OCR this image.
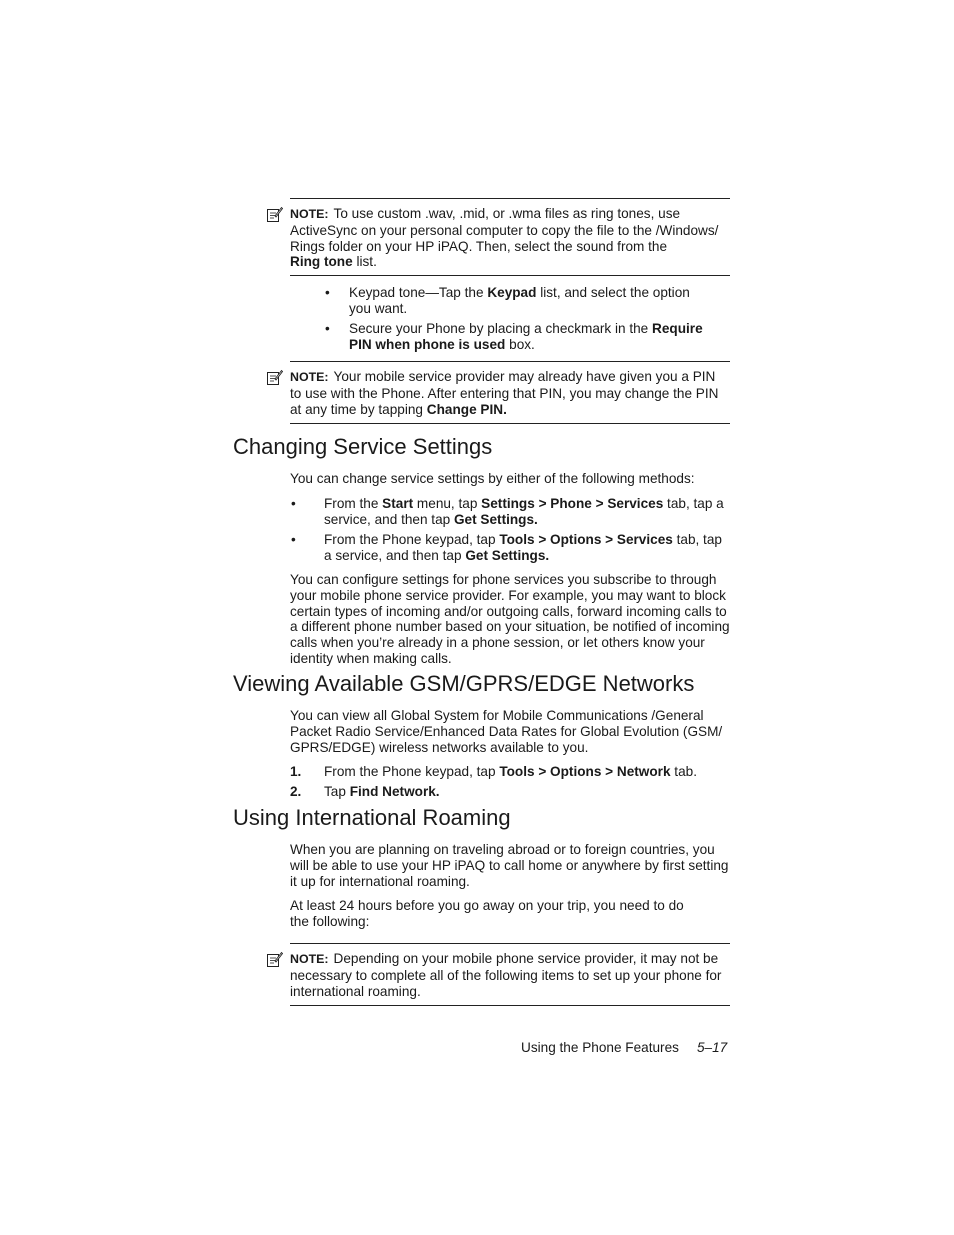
NOTE: To use custom .wav, .mid, or .wma files as ring tones, use ActiveSync on your personal computer to copy the file to the /Windows/ Rings folder on your HP iPAQ. Then, select the sound from the
Ring tone list.
• Keypad tone—Tap the Keypad list, and select the option you want.
• Secure your Phone by placing a checkmark in the Require PIN when phone is used box.
NOTE: Your mobile service provider may already have given you a PIN to use with the Phone. After entering that PIN, you may change the PIN at any time by tapping Change PIN.
Changing Service Settings
You can change service settings by either of the following methods:
• From the Start menu, tap Settings > Phone > Services tab, tap a service, and then tap Get Settings.
• From the Phone keypad, tap Tools > Options > Services tab, tap a service, and then tap Get Settings.
You can configure settings for phone services you subscribe to through your mobile phone service provider. For example, you may want to block certain types of incoming and/or outgoing calls, forward incoming calls to a different phone number based on your situation, be notified of incoming calls when you’re already in a phone session, or let others know your identity when making calls.
Viewing Available GSM/GPRS/EDGE Networks
You can view all Global System for Mobile Communications /General Packet Radio Service/Enhanced Data Rates for Global Evolution (GSM/ GPRS/EDGE) wireless networks available to you.
1. From the Phone keypad, tap Tools > Options > Network tab.
2. Tap Find Network.
Using International Roaming
When you are planning on traveling abroad or to foreign countries, you will be able to use your HP iPAQ to call home or anywhere by first setting it up for international roaming.
At least 24 hours before you go away on your trip, you need to do the following:
NOTE: Depending on your mobile phone service provider, it may not be necessary to complete all of the following items to set up your phone for international roaming.
Using the Phone Features 5–17
